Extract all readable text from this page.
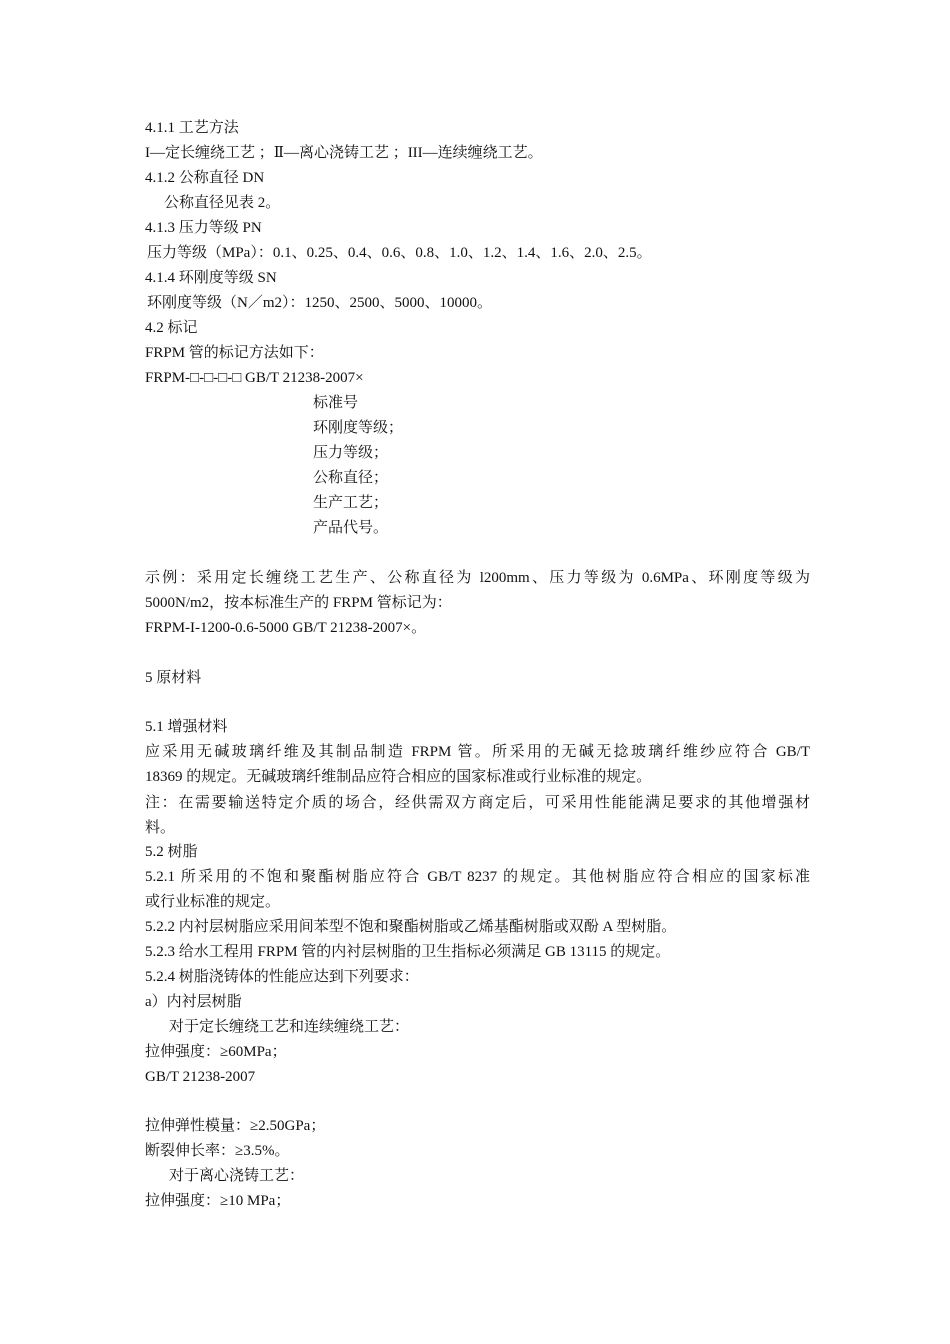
4.1.1 工艺方法
I—定长缠绕工艺 ；Ⅱ—离心浇铸工艺 ；III—连续缠绕工艺。
4.1.2 公称直径 DN
公称直径见表 2。
4.1.3 压力等级 PN
压力等级（MPa）：0.1、0.25、0.4、0.6、0.8、1.0、1.2、1.4、1.6、2.0、2.5。
4.1.4 环刚度等级 SN
环刚度等级（N／m2）：1250、2500、5000、10000。
4.2 标记
FRPM 管的标记方法如下：
FRPM-□-□-□-□ GB/T 21238-2007×
标准号
环刚度等级；
压力等级；
公称直径；
生产工艺；
产品代号。
示例：采用定长缠绕工艺生产、公称直径为 l200mm、压力等级为 0.6MPa、环刚度等级为
5000N/m2，按本标准生产的 FRPM 管标记为：
FRPM-I-1200-0.6-5000 GB/T 21238-2007×。
5 原材料
5.1 增强材料
应采用无碱玻璃纤维及其制品制造 FRPM 管。所采用的无碱无捻玻璃纤维纱应符合 GB/T
18369 的规定。无碱玻璃纤维制品应符合相应的国家标准或行业标准的规定。
注：在需要输送特定介质的场合，经供需双方商定后，可采用性能能满足要求的其他增强材
料。
5.2 树脂
5.2.1 所采用的不饱和聚酯树脂应符合 GB/T 8237 的规定。其他树脂应符合相应的国家标准
或行业标准的规定。
5.2.2 内衬层树脂应采用间苯型不饱和聚酯树脂或乙烯基酯树脂或双酚 A 型树脂。
5.2.3 给水工程用 FRPM 管的内衬层树脂的卫生指标必须满足 GB 13115 的规定。
5.2.4 树脂浇铸体的性能应达到下列要求：
a）内衬层树脂
对于定长缠绕工艺和连续缠绕工艺：
拉伸强度：≥60MPa；
GB/T 21238-2007
拉伸弹性模量：≥2.50GPa；
断裂伸长率：≥3.5%。
对于离心浇铸工艺：
拉伸强度：≥10 MPa；
